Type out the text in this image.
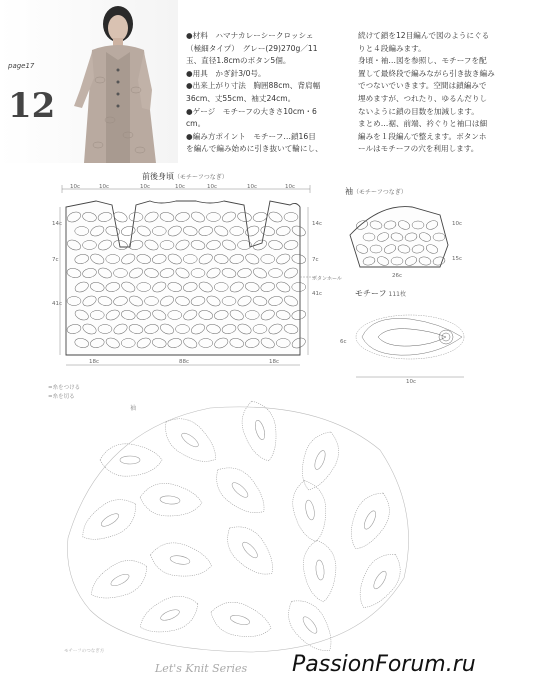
page17
12

●材料　ハマナカレーシークロッシェ

（極細タイプ）　グレー(29)270g／11

玉、直径1.8cmのボタン5個。

●用具　かぎ針3/0号。

●出来上がり寸法　胸囲88cm、背肩幅

36cm、丈55cm、袖丈24cm。

●ゲージ　モチーフの大きさ10cm・6

cm。

●編み方ポイント　モチーフ…鎖16目

を編んで編み始めに引き抜いて輪にし、

続けて鎖を12目編んで図のようにぐる

りと４段編みます。

身頃・袖…図を参照し、モチーフを配

置して最終段で編みながら引き抜き編み

でつないでいきます。空間は鎖編みで

埋めますが、つれたり、ゆるんだりし

ないように鎖の目数を加減します。

まとめ…裾、前端、衿ぐりと袖口は細

編みを１段編んで整えます。ボタンホ

ールはモチーフの穴を利用します。

前後身頃（モチーフつなぎ）
袖（モチーフつなぎ）
モチーフ 111枚
10c	10c	10c	10c	10c	10c	10c
14c
7c
41c
14c
7c
41c
ボタンホール
18c	88c	18c
10c
26c
15c
6c
10c
=糸をつける
=糸を切る
袖
モチーフのつなぎ方
Let's Knit Series PassionForum.ru
